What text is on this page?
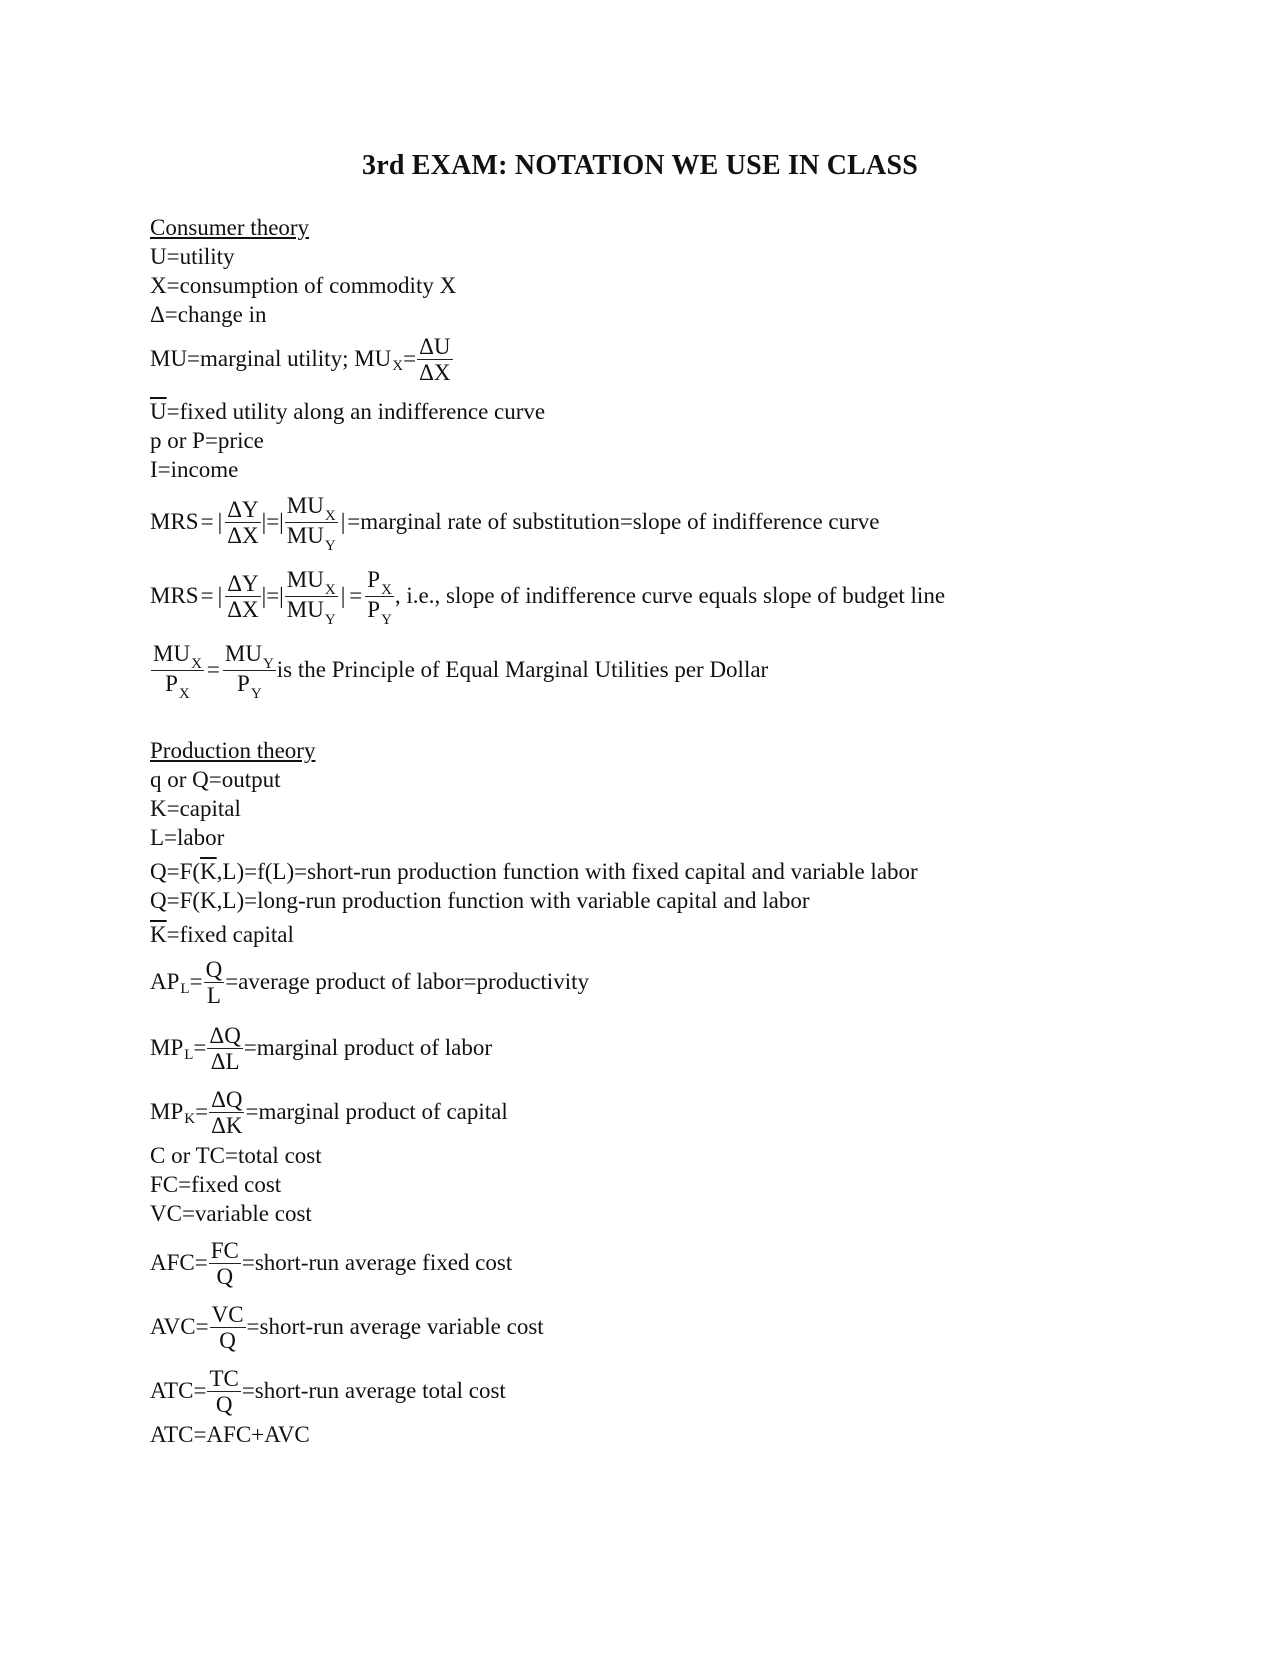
3rd EXAM: NOTATION WE USE IN CLASS
Consumer theory
U=utility
X=consumption of commodity X
Δ=change in
MU=marginal utility; MU $X = \frac{\Delta U}{\Delta X}$
$\overline{U}=fixed$ utility along an indifference curve
p or P=price
I=income
MRS = | $\frac{\Delta Y}{\Delta X}$ |=| $\frac{MU_X}{MU_Y}$ | =marginal rate of substitution=slope of indifference curve
MRS = | $\frac{\Delta Y}{\Delta X}$ |=| $\frac{MU_X}{MU_Y}$ | = $\frac{P_X}{P_Y}$ , i.e., slope of indifference curve equals slope of budget line
$\frac{MU_X}{P_X} = \frac{MU_Y}{P_Y}$ is the Principle of Equal Marginal Utilities per Dollar
Production theory
q or Q=output
K=capital
L=labor
$Q=F(\overline{K},L)=f(L)=short$-run production function with fixed capital and variable labor
Q=F(K,L)=long-run production function with variable capital and labor
$\overline{K}=fixed$ capital
AP $L = \frac{Q}{L}$ =average product of labor=productivity
MP $L = \frac{\Delta Q}{\Delta L}$ =marginal product of labor
MP $K = \frac{\Delta Q}{\Delta K}$ =marginal product of capital
C or TC=total cost
FC=fixed cost
VC=variable cost
AFC = $\frac{FC}{Q}$ =short-run average fixed cost
AVC = $\frac{VC}{Q}$ =short-run average variable cost
ATC = $\frac{TC}{Q}$ =short-run average total cost
ATC=AFC+AVC
